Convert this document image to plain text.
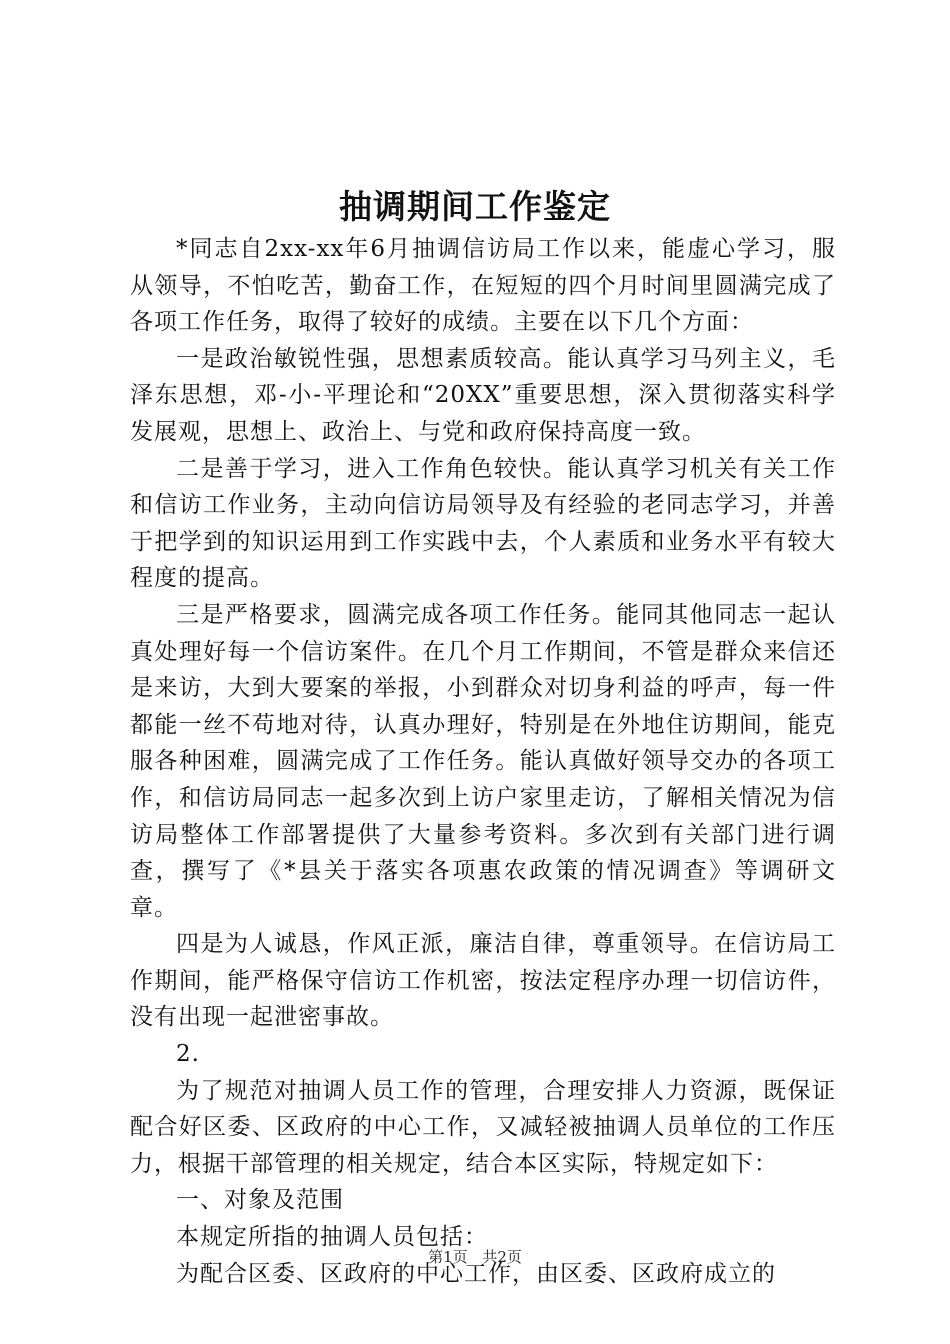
抽调期间工作鉴定

*同志自2xx-xx年6月抽调信访局工作以来，能虚心学习，服从领导，不怕吃苦，勤奋工作，在短短的四个月时间里圆满完成了各项工作任务，取得了较好的成绩。主要在以下几个方面：

一是政治敏锐性强，思想素质较高。能认真学习马列主义，毛泽东思想，邓-小-平理论和“20XX”重要思想，深入贯彻落实科学发展观，思想上、政治上、与党和政府保持高度一致。

二是善于学习，进入工作角色较快。能认真学习机关有关工作和信访工作业务，主动向信访局领导及有经验的老同志学习，并善于把学到的知识运用到工作实践中去，个人素质和业务水平有较大程度的提高。

三是严格要求，圆满完成各项工作任务。能同其他同志一起认真处理好每一个信访案件。在几个月工作期间，不管是群众来信还是来访，大到大要案的举报，小到群众对切身利益的呼声，每一件都能一丝不苟地对待，认真办理好，特别是在外地住访期间，能克服各种困难，圆满完成了工作任务。能认真做好领导交办的各项工作，和信访局同志一起多次到上访户家里走访，了解相关情况为信访局整体工作部署提供了大量参考资料。多次到有关部门进行调查，撰写了《*县关于落实各项惠农政策的情况调查》等调研文章。

四是为人诚恳，作风正派，廉洁自律，尊重领导。在信访局工作期间，能严格保守信访工作机密，按法定程序办理一切信访件，没有出现一起泄密事故。

2.

为了规范对抽调人员工作的管理，合理安排人力资源，既保证配合好区委、区政府的中心工作，又减轻被抽调人员单位的工作压力，根据干部管理的相关规定，结合本区实际，特规定如下：

一、对象及范围

本规定所指的抽调人员包括：

为配合区委、区政府的中心工作，由区委、区政府成立的

第1页 共2页
